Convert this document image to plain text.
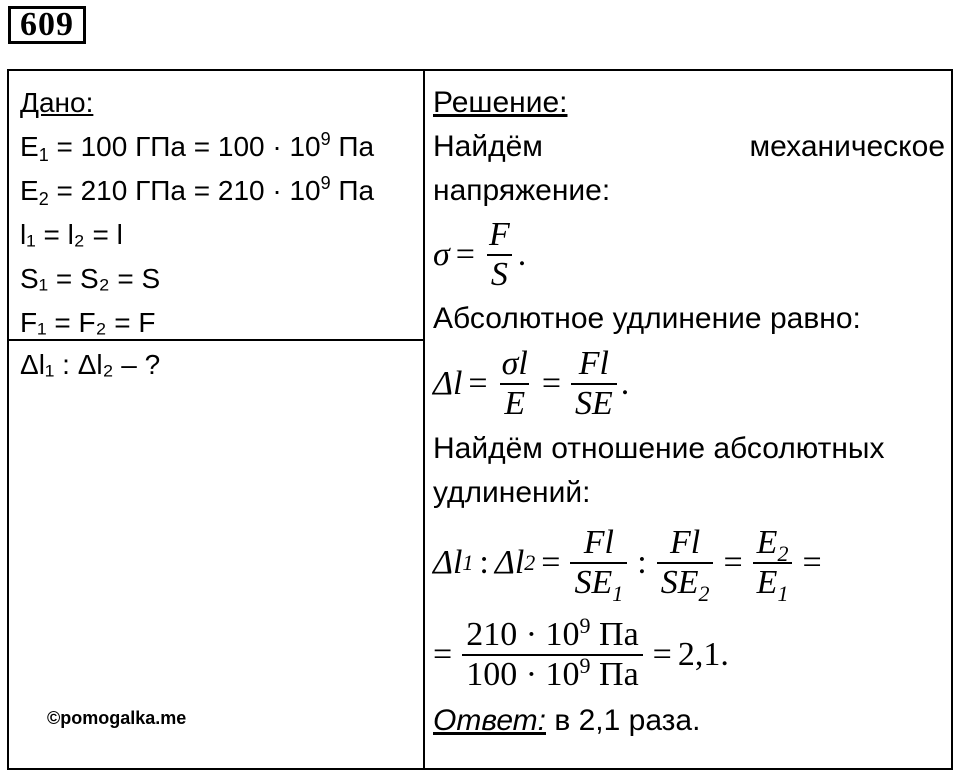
609
Дано:
$E_1 = 100$ ГПа = $100 \cdot 10^9$ Па
$E_2 = 210$ ГПа = $210 \cdot 10^9$ Па
l₁ = l₂ = l
S₁ = S₂ = S
F₁ = F₂ = F
Δl₁ : Δl₂ – ?
©pomogalka.me
Решение:
Найдём	механическое
напряжение:
$\sigma = \frac{F}{S}$ .
Абсолютное удлинение равно:
$\Delta l = \frac{\sigma l}{E} = \frac{Fl}{SE}$ .
Найдём отношение абсолютных
удлинений:
Δl 1 : Δl $2 = \frac{Fl}{SE_1}$ : $\frac{Fl}{SE_2} = \frac{E_2}{E_1}$ =
= $\frac{210 \cdot 10^9 Па}{100 \cdot 10^9 Па} = 2,1$.
Ответ: в 2,1 раза.
